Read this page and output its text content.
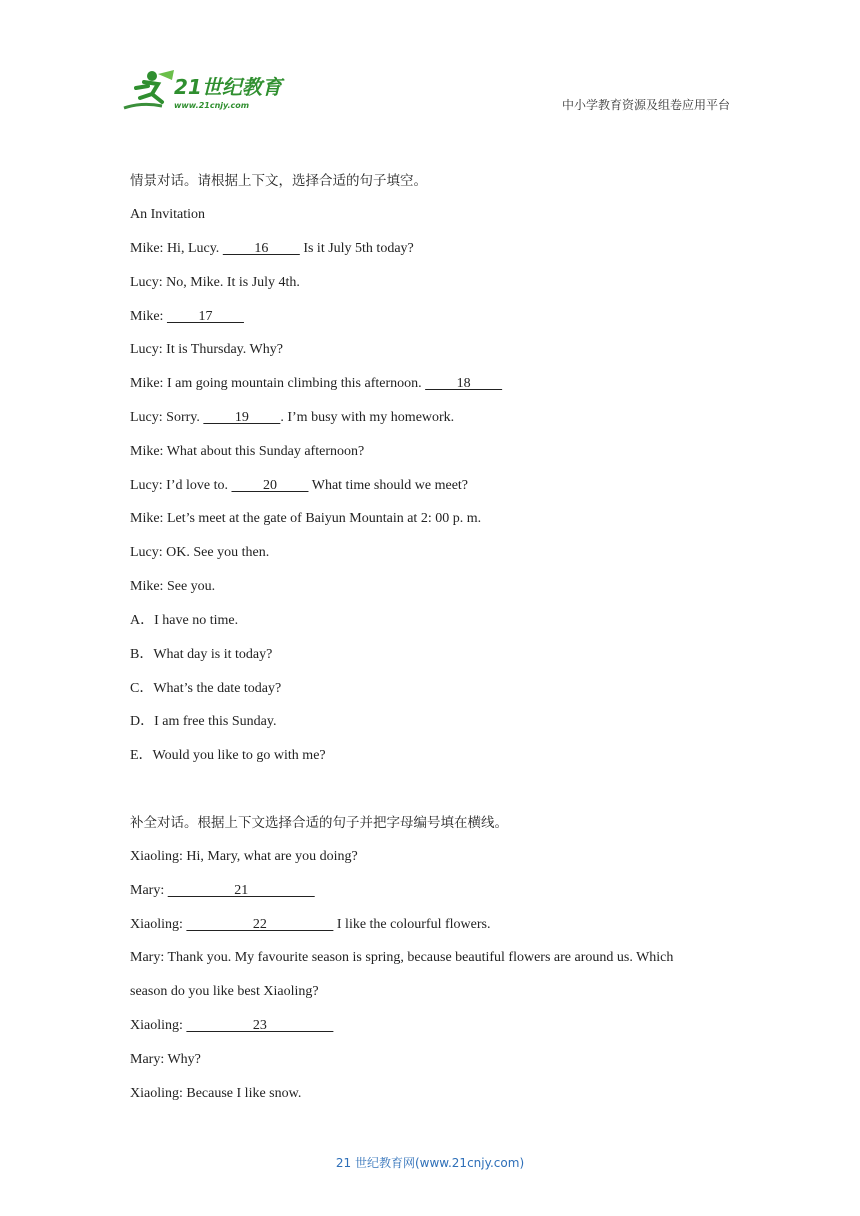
21世纪教育
www.21cnjy.com	中小学教育资源及组卷应用平台
情景对话。请根据上下文，选择合适的句子填空。
An Invitation
Mike: Hi, Lucy.          16          Is it July 5th today?
Lucy: No, Mike. It is July 4th.
Mike:          17
Lucy: It is Thursday. Why?
Mike: I am going mountain climbing this afternoon.          18
Lucy: Sorry.          19         . I’m busy with my homework.
Mike: What about this Sunday afternoon?
Lucy: I’d love to.          20          What time should we meet?
Mike: Let’s meet at the gate of Baiyun Mountain at 2: 00 p. m.
Lucy: OK. See you then.
Mike: See you.
A．I have no time.
B．What day is it today?
C．What’s the date today?
D．I am free this Sunday.
E．Would you like to go with me?
补全对话。根据上下文选择合适的句子并把字母编号填在横线。
Xiaoling: Hi, Mary, what are you doing?
Mary:                    21
Xiaoling:                    22                    I like the colourful flowers.
Mary: Thank you. My favourite season is spring, because beautiful flowers are around us. Which
season do you like best Xiaoling?
Xiaoling:                    23
Mary: Why?
Xiaoling: Because I like snow.
21 世纪教育网(www.21cnjy.com)
